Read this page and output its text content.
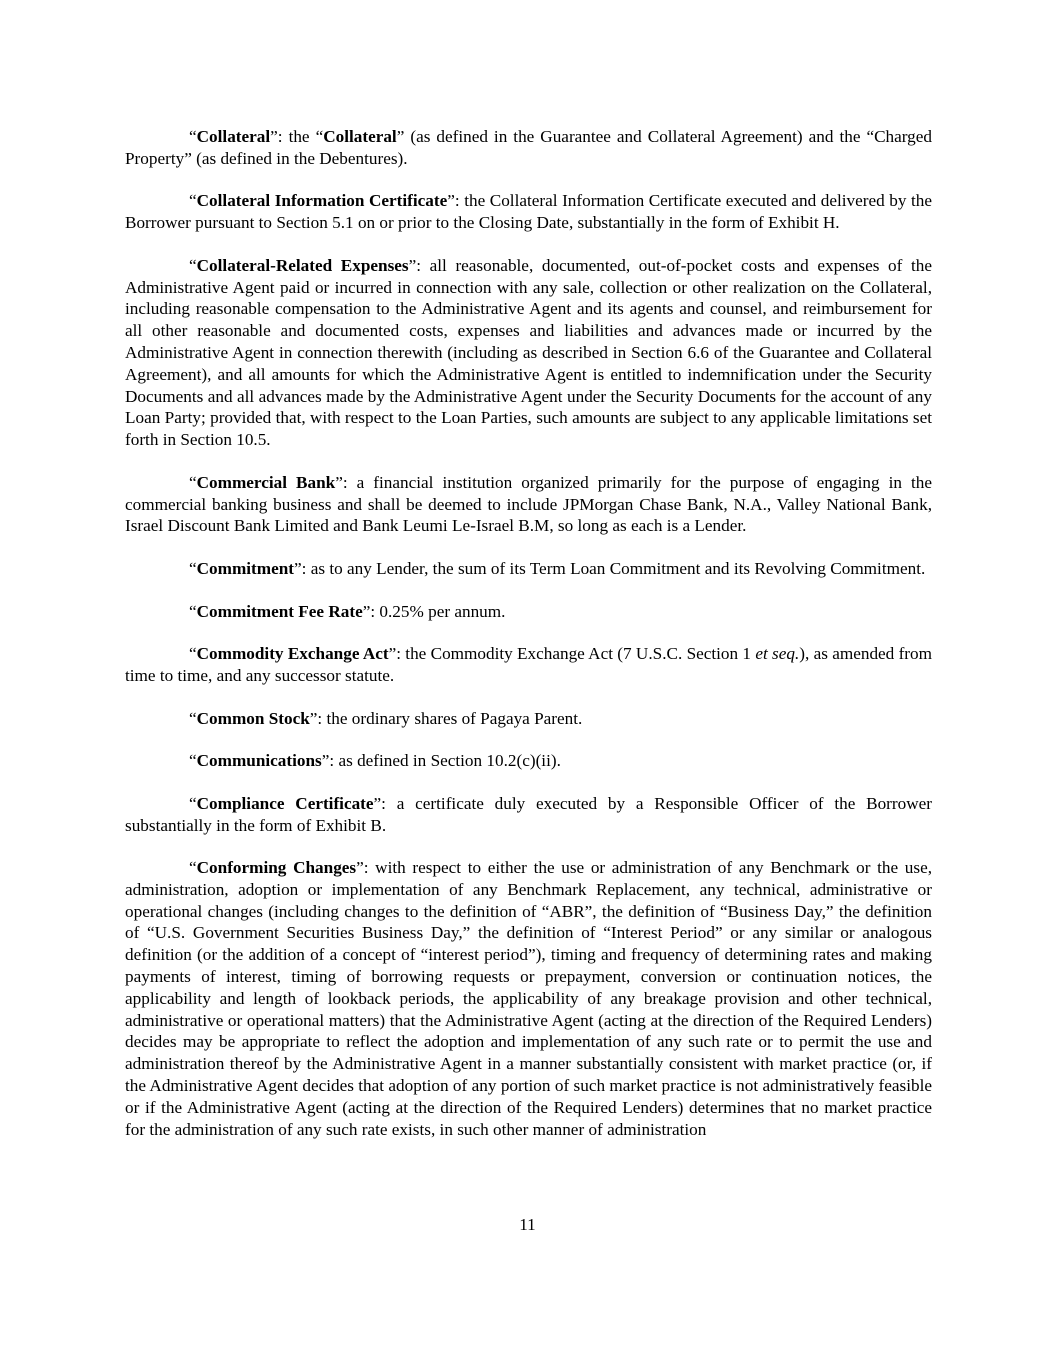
“Collateral”: the “Collateral” (as defined in the Guarantee and Collateral Agreement) and the “Charged Property” (as defined in the Debentures).

“Collateral Information Certificate”: the Collateral Information Certificate executed and delivered by the Borrower pursuant to Section 5.1 on or prior to the Closing Date, substantially in the form of Exhibit H.

“Collateral-Related Expenses”: all reasonable, documented, out-of-pocket costs and expenses of the Administrative Agent paid or incurred in connection with any sale, collection or other realization on the Collateral, including reasonable compensation to the Administrative Agent and its agents and counsel, and reimbursement for all other reasonable and documented costs, expenses and liabilities and advances made or incurred by the Administrative Agent in connection therewith (including as described in Section 6.6 of the Guarantee and Collateral Agreement), and all amounts for which the Administrative Agent is entitled to indemnification under the Security Documents and all advances made by the Administrative Agent under the Security Documents for the account of any Loan Party; provided that, with respect to the Loan Parties, such amounts are subject to any applicable limitations set forth in Section 10.5.

“Commercial Bank”: a financial institution organized primarily for the purpose of engaging in the commercial banking business and shall be deemed to include JPMorgan Chase Bank, N.A., Valley National Bank, Israel Discount Bank Limited and Bank Leumi Le-Israel B.M, so long as each is a Lender.

“Commitment”: as to any Lender, the sum of its Term Loan Commitment and its Revolving Commitment.

“Commitment Fee Rate”: 0.25% per annum.

“Commodity Exchange Act”: the Commodity Exchange Act (7 U.S.C. Section 1 et seq.), as amended from time to time, and any successor statute.

“Common Stock”: the ordinary shares of Pagaya Parent.

“Communications”: as defined in Section 10.2(c)(ii).

“Compliance Certificate”: a certificate duly executed by a Responsible Officer of the Borrower substantially in the form of Exhibit B.

“Conforming Changes”: with respect to either the use or administration of any Benchmark or the use, administration, adoption or implementation of any Benchmark Replacement, any technical, administrative or operational changes (including changes to the definition of “ABR”, the definition of “Business Day,” the definition of “U.S. Government Securities Business Day,” the definition of “Interest Period” or any similar or analogous definition (or the addition of a concept of “interest period”), timing and frequency of determining rates and making payments of interest, timing of borrowing requests or prepayment, conversion or continuation notices, the applicability and length of lookback periods, the applicability of any breakage provision and other technical, administrative or operational matters) that the Administrative Agent (acting at the direction of the Required Lenders) decides may be appropriate to reflect the adoption and implementation of any such rate or to permit the use and administration thereof by the Administrative Agent in a manner substantially consistent with market practice (or, if the Administrative Agent decides that adoption of any portion of such market practice is not administratively feasible or if the Administrative Agent (acting at the direction of the Required Lenders) determines that no market practice for the administration of any such rate exists, in such other manner of administration

11
